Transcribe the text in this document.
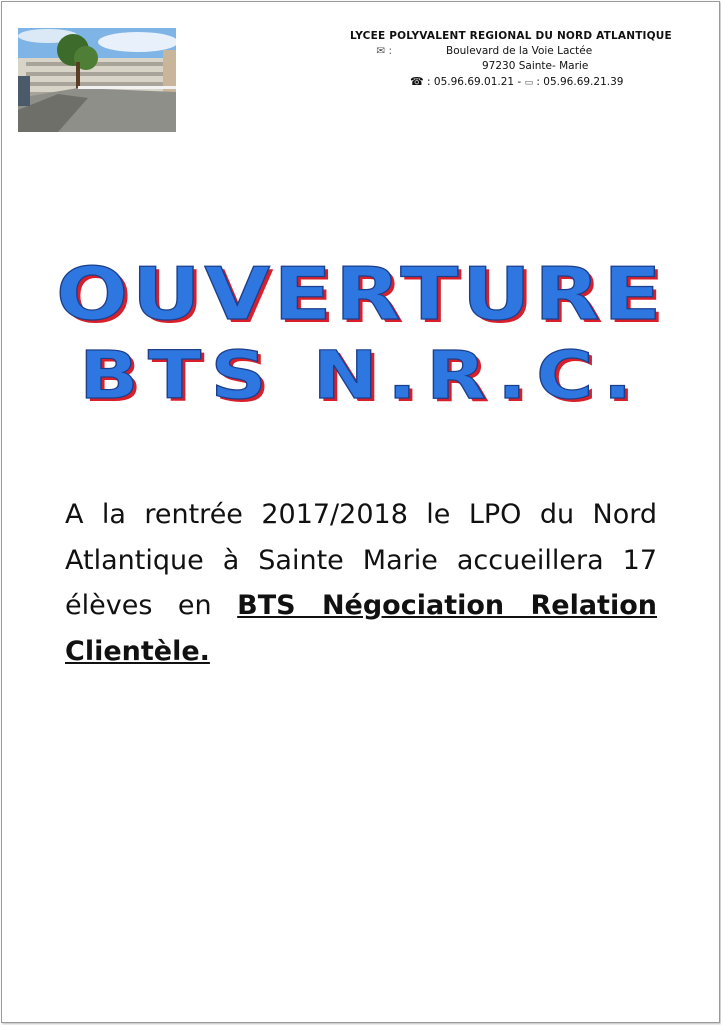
LYCEE POLYVALENT REGIONAL DU NORD ATLANTIQUE
✉ :	Boulevard de la Voie Lactée
97230 Sainte- Marie
☎ : 05.96.69.01.21 - ▭ : 05.96.69.21.39
OUVERTURE
BTS N.R.C.
A la rentrée 2017/2018 le LPO du Nord Atlantique à Sainte Marie accueillera 17 élèves en BTS Négociation Relation Clientèle.
